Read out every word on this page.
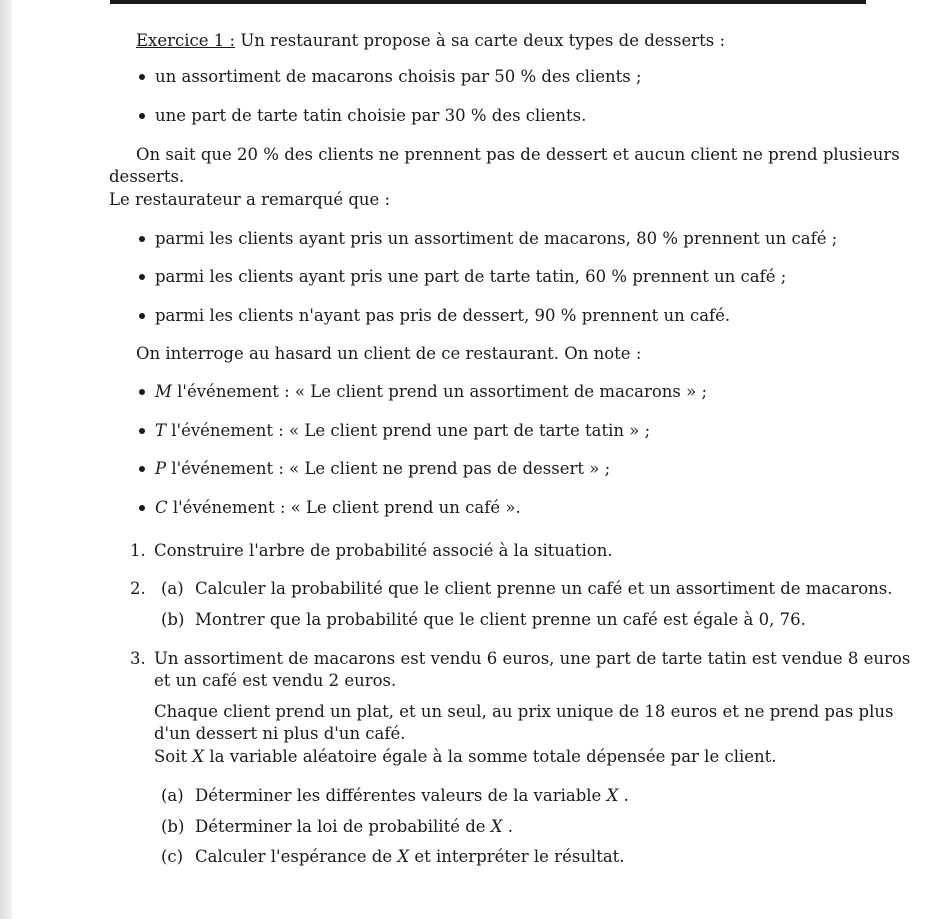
Exercice 1 : Un restaurant propose à sa carte deux types de desserts :
un assortiment de macarons choisis par 50 % des clients ;
une part de tarte tatin choisie par 30 % des clients.
On sait que 20 % des clients ne prennent pas de dessert et aucun client ne prend plusieurs
desserts.
Le restaurateur a remarqué que :
parmi les clients ayant pris un assortiment de macarons, 80 % prennent un café ;
parmi les clients ayant pris une part de tarte tatin, 60 % prennent un café ;
parmi les clients n'ayant pas pris de dessert, 90 % prennent un café.
On interroge au hasard un client de ce restaurant. On note :
M l'événement : « Le client prend un assortiment de macarons » ;
T l'événement : « Le client prend une part de tarte tatin » ;
P l'événement : « Le client ne prend pas de dessert » ;
C l'événement : « Le client prend un café ».
1. Construire l'arbre de probabilité associé à la situation.
2. (a) Calculer la probabilité que le client prenne un café et un assortiment de macarons.
(b) Montrer que la probabilité que le client prenne un café est égale à 0, 76.
3. Un assortiment de macarons est vendu 6 euros, une part de tarte tatin est vendue 8 euros
et un café est vendu 2 euros.
Chaque client prend un plat, et un seul, au prix unique de 18 euros et ne prend pas plus
d'un dessert ni plus d'un café.
Soit X la variable aléatoire égale à la somme totale dépensée par le client.
(a) Déterminer les différentes valeurs de la variable X .
(b) Déterminer la loi de probabilité de X .
(c) Calculer l'espérance de X et interpréter le résultat.
